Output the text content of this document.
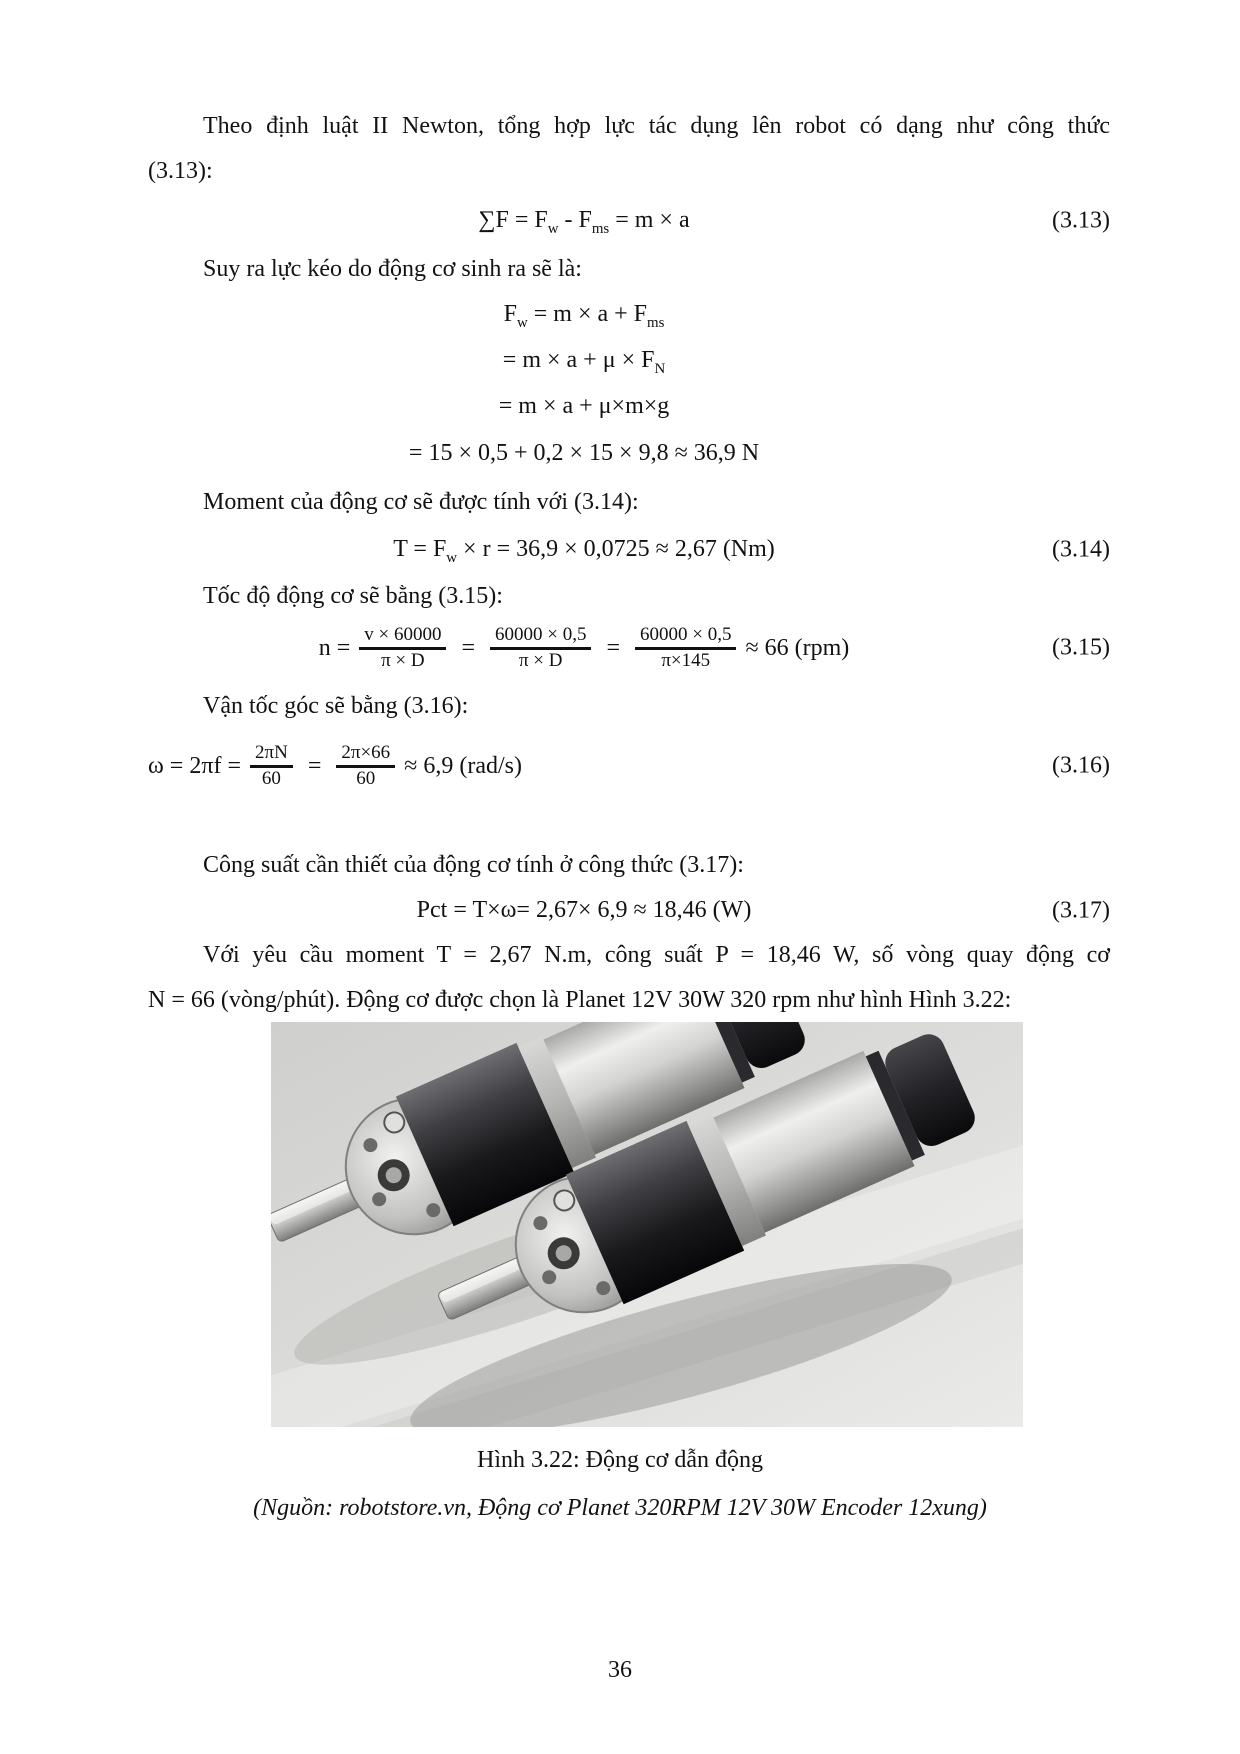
Theo định luật II Newton, tổng hợp lực tác dụng lên robot có dạng như công thức
(3.13):
$\sum F = F_w - F_{ms} = m \times a$	(3.13)
Suy ra lực kéo do động cơ sinh ra sẽ là:
$F_w = m \times a + F_{ms}$
= $m \times a + \mu \times F_N$
= m × a + μ×m×g
= 15 × 0,5 + 0,2 × 15 × 9,8 ≈ 36,9 N
Moment của động cơ sẽ được tính với (3.14):
$T = F_w \times r = 36,9 \times 0,0725 \approx 2,67$ (Nm)	(3.14)
Tốc độ động cơ sẽ bằng (3.15):
$n = \frac{v \times 60000}{\pi \times D} = \frac{60000 \times 0,5}{\pi \times D} = \frac{60000 \times 0,5}{\pi\times 145} \approx 66$ (rpm)	(3.15)
Vận tốc góc sẽ bằng (3.16):
$\omega = 2\pi f = \frac{2\pi N}{60} = \frac{2\pi\times 66}{60} \approx 6,9$ (rad/s)	(3.16)
Công suất cần thiết của động cơ tính ở công thức (3.17):
Pct = T×ω= 2,67× 6,9 ≈ 18,46 (W)	(3.17)
Với yêu cầu moment T = 2,67 N.m, công suất P = 18,46 W, số vòng quay động cơ
N = 66 (vòng/phút). Động cơ được chọn là Planet 12V 30W 320 rpm như hình Hình 3.22:
Hình 3.22: Động cơ dẫn động
(Nguồn: robotstore.vn, Động cơ Planet 320RPM 12V 30W Encoder 12xung)
36
